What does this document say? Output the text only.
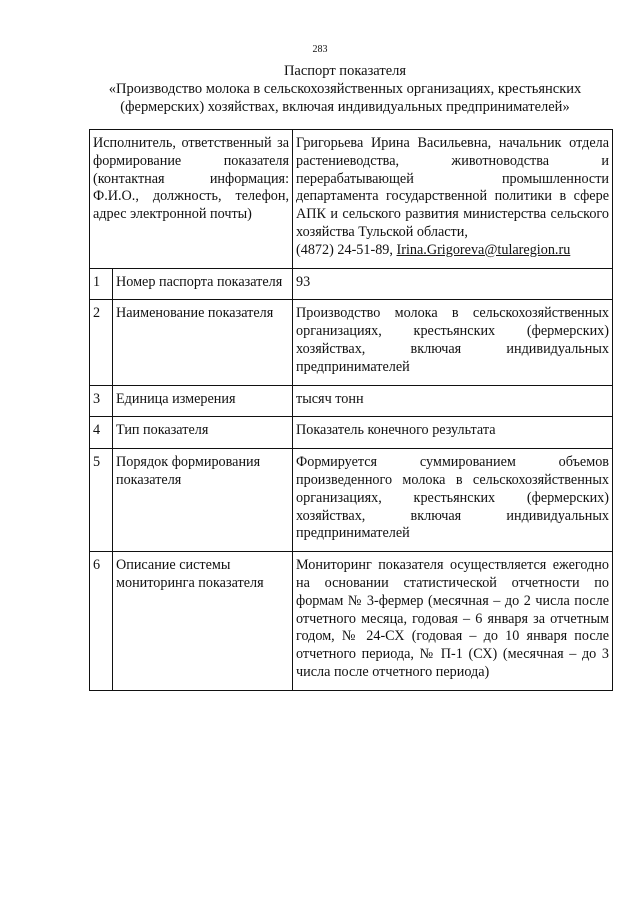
283
Паспорт показателя
«Производство молока в сельскохозяйственных организациях, крестьянских
(фермерских) хозяйствах, включая индивидуальных предпринимателей»
Исполнитель, ответственный за формирование показателя (контактная информация: Ф.И.О., должность, телефон, адрес электронной почты)		Григорьева Ирина Васильевна, начальник отдела растениеводства, животноводства и перерабатывающей промышленности департамента государственной политики в сфере АПК и сельского развития министерства сельского хозяйства Тульской области,
(4872) 24-51-89, Irina.Grigoreva@tularegion.ru
1	Номер паспорта показателя	93
2	Наименование показателя	Производство молока в сельскохозяйственных организациях, крестьянских (фермерских) хозяйствах, включая индивидуальных предпринимателей
3	Единица измерения	тысяч тонн
4	Тип показателя	Показатель конечного результата
5	Порядок формирования показателя	Формируется суммированием объемов произведенного молока в сельскохозяйственных организациях, крестьянских (фермерских) хозяйствах, включая индивидуальных предпринимателей
6	Описание системы мониторинга показателя	Мониторинг показателя осуществляется ежегодно на основании статистической отчетности по формам № 3-фермер (месячная – до 2 числа после отчетного месяца, годовая – 6 января за отчетным годом, № 24-СХ (годовая – до 10 января после отчетного периода, № П-1 (СХ) (месячная – до 3 числа после отчетного периода)
